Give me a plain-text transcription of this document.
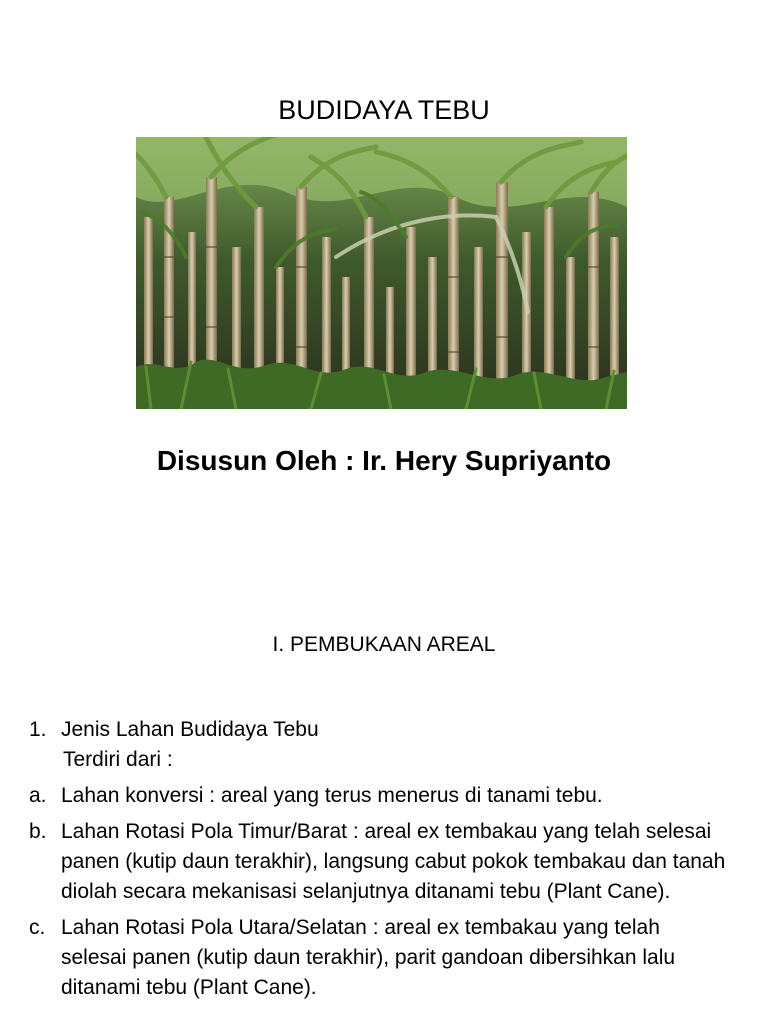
BUDIDAYA TEBU
Disusun Oleh : Ir. Hery Supriyanto
I. PEMBUKAAN AREAL
1. Jenis Lahan Budidaya Tebu
Terdiri dari :
a. Lahan konversi : areal yang terus menerus di tanami tebu.
b. Lahan Rotasi Pola Timur/Barat : areal ex tembakau yang telah selesai panen (kutip daun terakhir), langsung cabut pokok tembakau dan tanah diolah secara mekanisasi selanjutnya ditanami tebu (Plant Cane).
c. Lahan Rotasi Pola Utara/Selatan : areal ex tembakau yang telah selesai panen (kutip daun terakhir), parit gandoan dibersihkan lalu ditanami tebu (Plant Cane).
